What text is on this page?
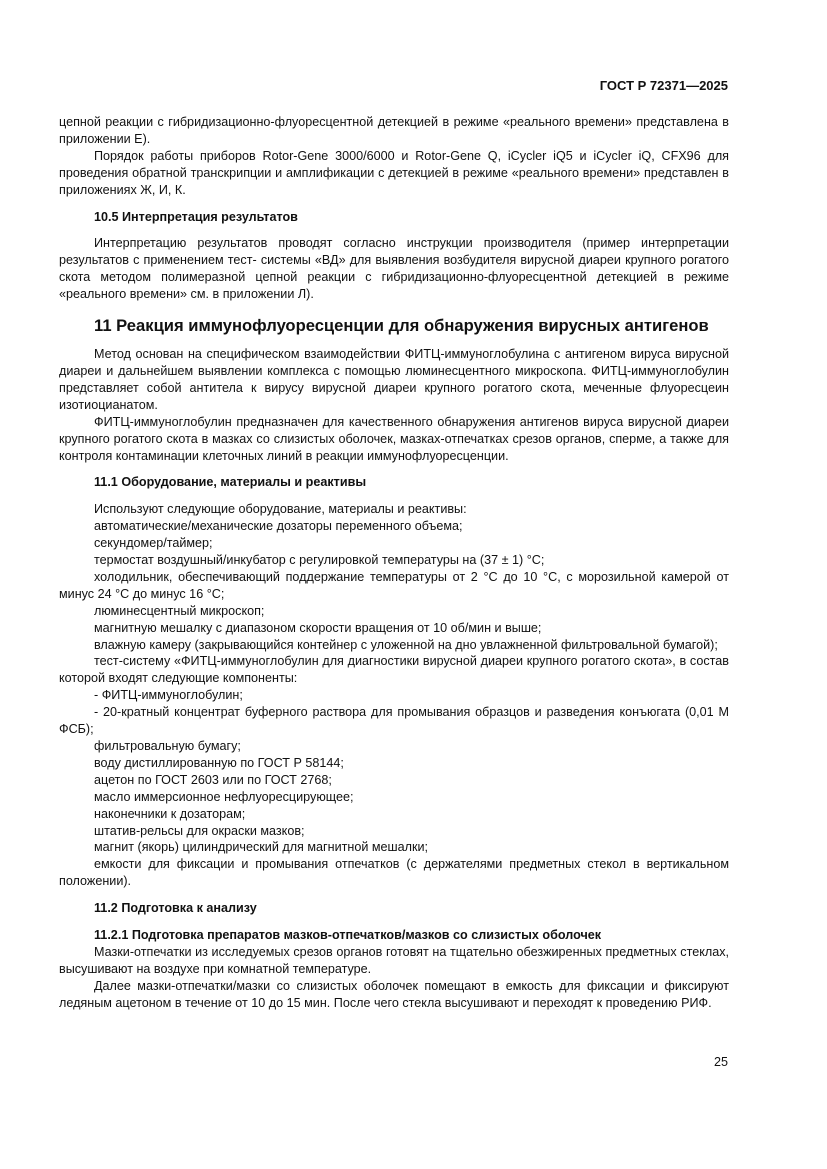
ГОСТ Р 72371—2025

цепной реакции с гибридизационно-флуоресцентной детекцией в режиме «реального времени» представлена в приложении Е).

Порядок работы приборов Rotor-Gene 3000/6000 и Rotor-Gene Q, iCycler iQ5 и iCycler iQ, CFX96 для проведения обратной транскрипции и амплификации с детекцией в режиме «реального времени» представлен в приложениях Ж, И, К.

10.5 Интерпретация результатов

Интерпретацию результатов проводят согласно инструкции производителя (пример интерпретации результатов с применением тест- системы «ВД» для выявления возбудителя вирусной диареи крупного рогатого скота методом полимеразной цепной реакции с гибридизационно-флуоресцентной детекцией в режиме «реального времени» см. в приложении Л).

11 Реакция иммунофлуоресценции для обнаружения вирусных антигенов

Метод основан на специфическом взаимодействии ФИТЦ-иммуноглобулина с антигеном вируса вирусной диареи и дальнейшем выявлении комплекса с помощью люминесцентного микроскопа. ФИТЦ-иммуноглобулин представляет собой антитела к вирусу вирусной диареи крупного рогатого скота, меченные флуоресцеин изотиоцианатом.

ФИТЦ-иммуноглобулин предназначен для качественного обнаружения антигенов вируса вирусной диареи крупного рогатого скота в мазках со слизистых оболочек, мазках-отпечатках срезов органов, сперме, а также для контроля контаминации клеточных линий в реакции иммунофлуоресценции.

11.1 Оборудование, материалы и реактивы

Используют следующие оборудование, материалы и реактивы:

автоматические/механические дозаторы переменного объема;

секундомер/таймер;

термостат воздушный/инкубатор с регулировкой температуры на (37 ± 1) °С;

холодильник, обеспечивающий поддержание температуры от 2 °С до 10 °С, с морозильной камерой от минус 24 °С до минус 16 °С;

люминесцентный микроскоп;

магнитную мешалку с диапазоном скорости вращения от 10 об/мин и выше;

влажную камеру (закрывающийся контейнер с уложенной на дно увлажненной фильтровальной бумагой);

тест-систему «ФИТЦ-иммуноглобулин для диагностики вирусной диареи крупного рогатого скота», в состав которой входят следующие компоненты:

- ФИТЦ-иммуноглобулин;

- 20-кратный концентрат буферного раствора для промывания образцов и разведения конъюгата (0,01 М ФСБ);

фильтровальную бумагу;

воду дистиллированную по ГОСТ Р 58144;

ацетон по ГОСТ 2603 или по ГОСТ 2768;

масло иммерсионное нефлуоресцирующее;

наконечники к дозаторам;

штатив-рельсы для окраски мазков;

магнит (якорь) цилиндрический для магнитной мешалки;

емкости для фиксации и промывания отпечатков (с держателями предметных стекол в вертикальном положении).

11.2 Подготовка к анализу

11.2.1 Подготовка препаратов мазков-отпечатков/мазков со слизистых оболочек

Мазки-отпечатки из исследуемых срезов органов готовят на тщательно обезжиренных предметных стеклах, высушивают на воздухе при комнатной температуре.

Далее мазки-отпечатки/мазки со слизистых оболочек помещают в емкость для фиксации и фиксируют ледяным ацетоном в течение от 10 до 15 мин. После чего стекла высушивают и переходят к проведению РИФ.

25
